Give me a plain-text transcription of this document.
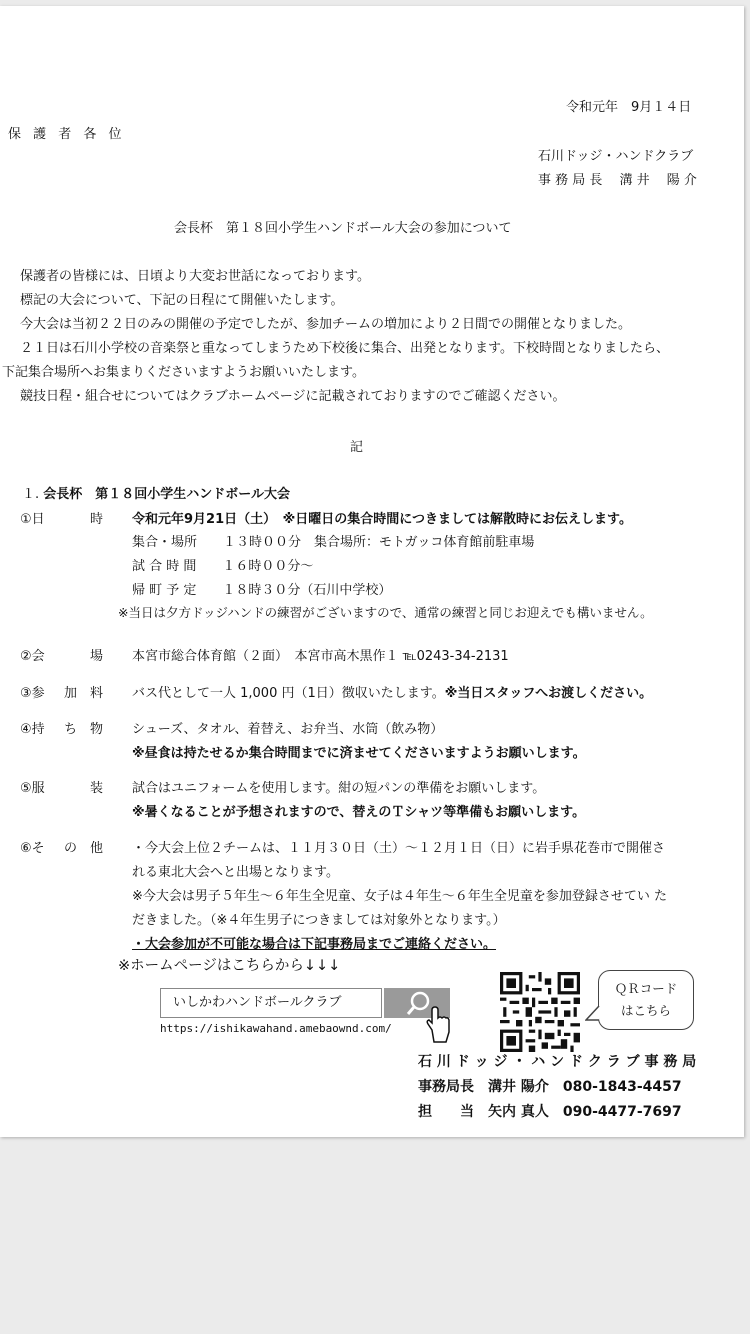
令和元年　9月１４日
保 護 者 各 位
石川ドッジ・ハンドクラブ
事 務 局 長　 溝 井　 陽 介
会長杯　第１８回小学生ハンドボール大会の参加について
保護者の皆様には、日頃より大変お世話になっております。
標記の大会について、下記の日程にて開催いたします。
今大会は当初２２日のみの開催の予定でしたが、参加チームの増加により２日間での開催となりました。
２１日は石川小学校の音楽祭と重なってしまうため下校後に集合、出発となります。下校時間となりましたら、
下記集合場所へお集まりくださいますようお願いいたします。
競技日程・組合せについてはクラブホームページに記載されておりますのでご確認ください。
記
１. 会長杯　第１８回小学生ハンドボール大会
①日	時 令和元年9月21日（土）　※日曜日の集合時間につきましては解散時にお伝えします。
集合・場所　　１３時００分　集合場所：モトガッコ体育館前駐車場
試 合 時 間　　１６時００分～
帰 町 予 定　　１８時３０分（石川中学校）
※当日は夕方ドッジハンドの練習がございますので、通常の練習と同じお迎えでも構いません。
②会	場 本宮市総合体育館（２面）　本宮市高木黒作１ ℡0243-34-2131
③参 加 料 バス代として一人 1,000 円（1日）徴収いたします。※当日スタッフへお渡しください。
④持 ち 物 シューズ、タオル、着替え、お弁当、水筒（飲み物）
※昼食は持たせるか集合時間までに済ませてくださいますようお願いします。
⑤服	装 試合はユニフォームを使用します。紺の短パンの準備をお願いします。
※暑くなることが予想されますので、替えのＴシャツ等準備もお願いします。
⑥そ の 他 ・今大会上位２チームは、１１月３０日（土）～１２月１日（日）に岩手県花巻市で開催さ
れる東北大会へと出場となります。
※今大会は男子５年生～６年生全児童、女子は４年生～６年生全児童を参加登録させてい た
だきました。（※４年生男子につきましては対象外となります。）
・大会参加が不可能な場合は下記事務局までご連絡ください。
※ホームページはこちらから↓↓↓
いしかわハンドボールクラブ
https://ishikawahand.amebaownd.com/
ＱＲコード
はこちら
石 川 ド ッ ジ ・ ハ ン ド ク ラ ブ 事 務 局
事務局長　溝井 陽介　080-1843-4457
担　　当　矢内 真人　090-4477-7697
